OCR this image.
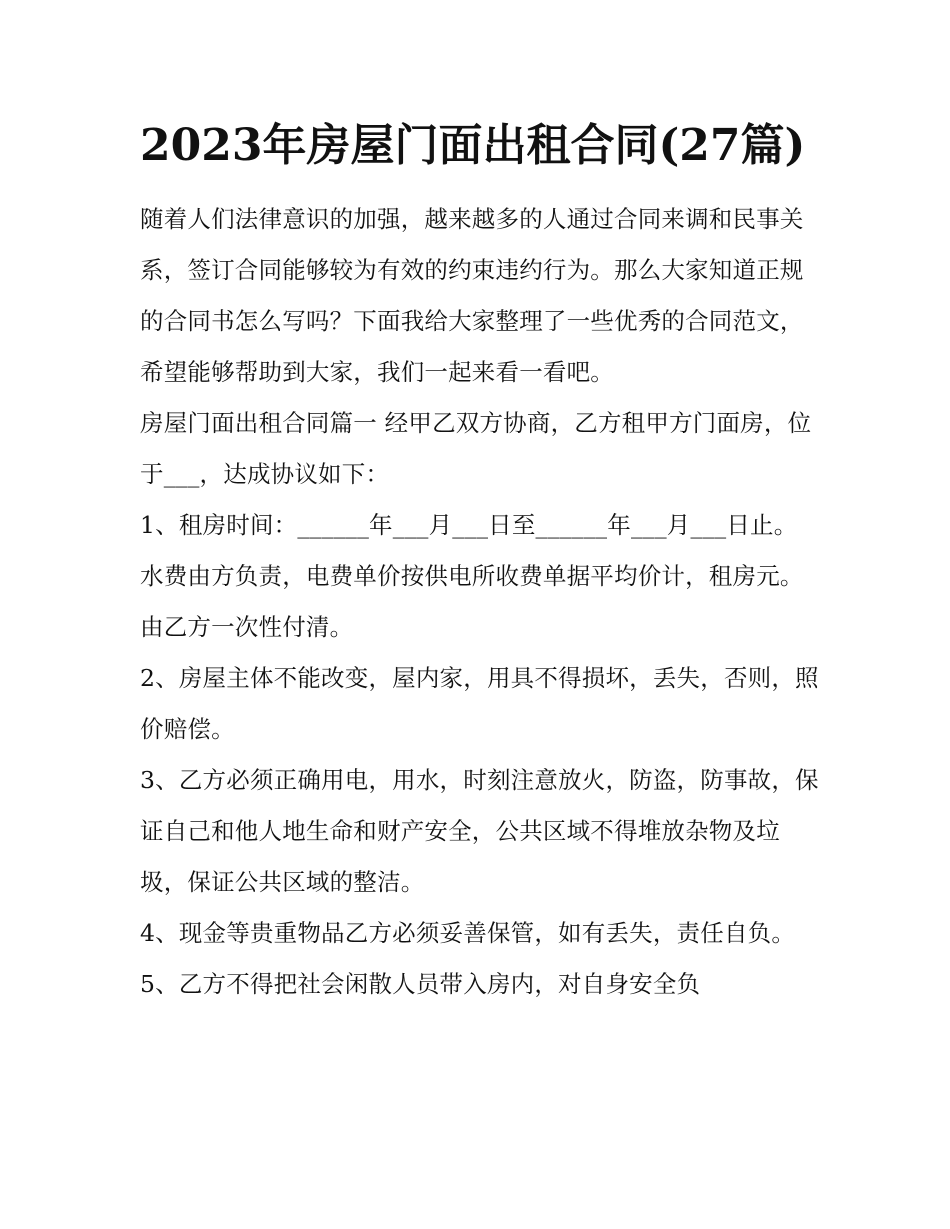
2023年房屋门面出租合同(27篇)

随着人们法律意识的加强，越来越多的人通过合同来调和民事关系，签订合同能够较为有效的约束违约行为。那么大家知道正规的合同书怎么写吗？下面我给大家整理了一些优秀的合同范文，希望能够帮助到大家，我们一起来看一看吧。

房屋门面出租合同篇一 经甲乙双方协商，乙方租甲方门面房，位于___，达成协议如下：

1、租房时间：______年___月___日至______年___月___日止。水费由方负责，电费单价按供电所收费单据平均价计，租房元。由乙方一次性付清。

2、房屋主体不能改变，屋内家，用具不得损坏，丢失，否则，照价赔偿。

3、乙方必须正确用电，用水，时刻注意放火，防盗，防事故，保证自己和他人地生命和财产安全，公共区域不得堆放杂物及垃圾，保证公共区域的整洁。

4、现金等贵重物品乙方必须妥善保管，如有丢失，责任自负。 5、乙方不得把社会闲散人员带入房内，对自身安全负
